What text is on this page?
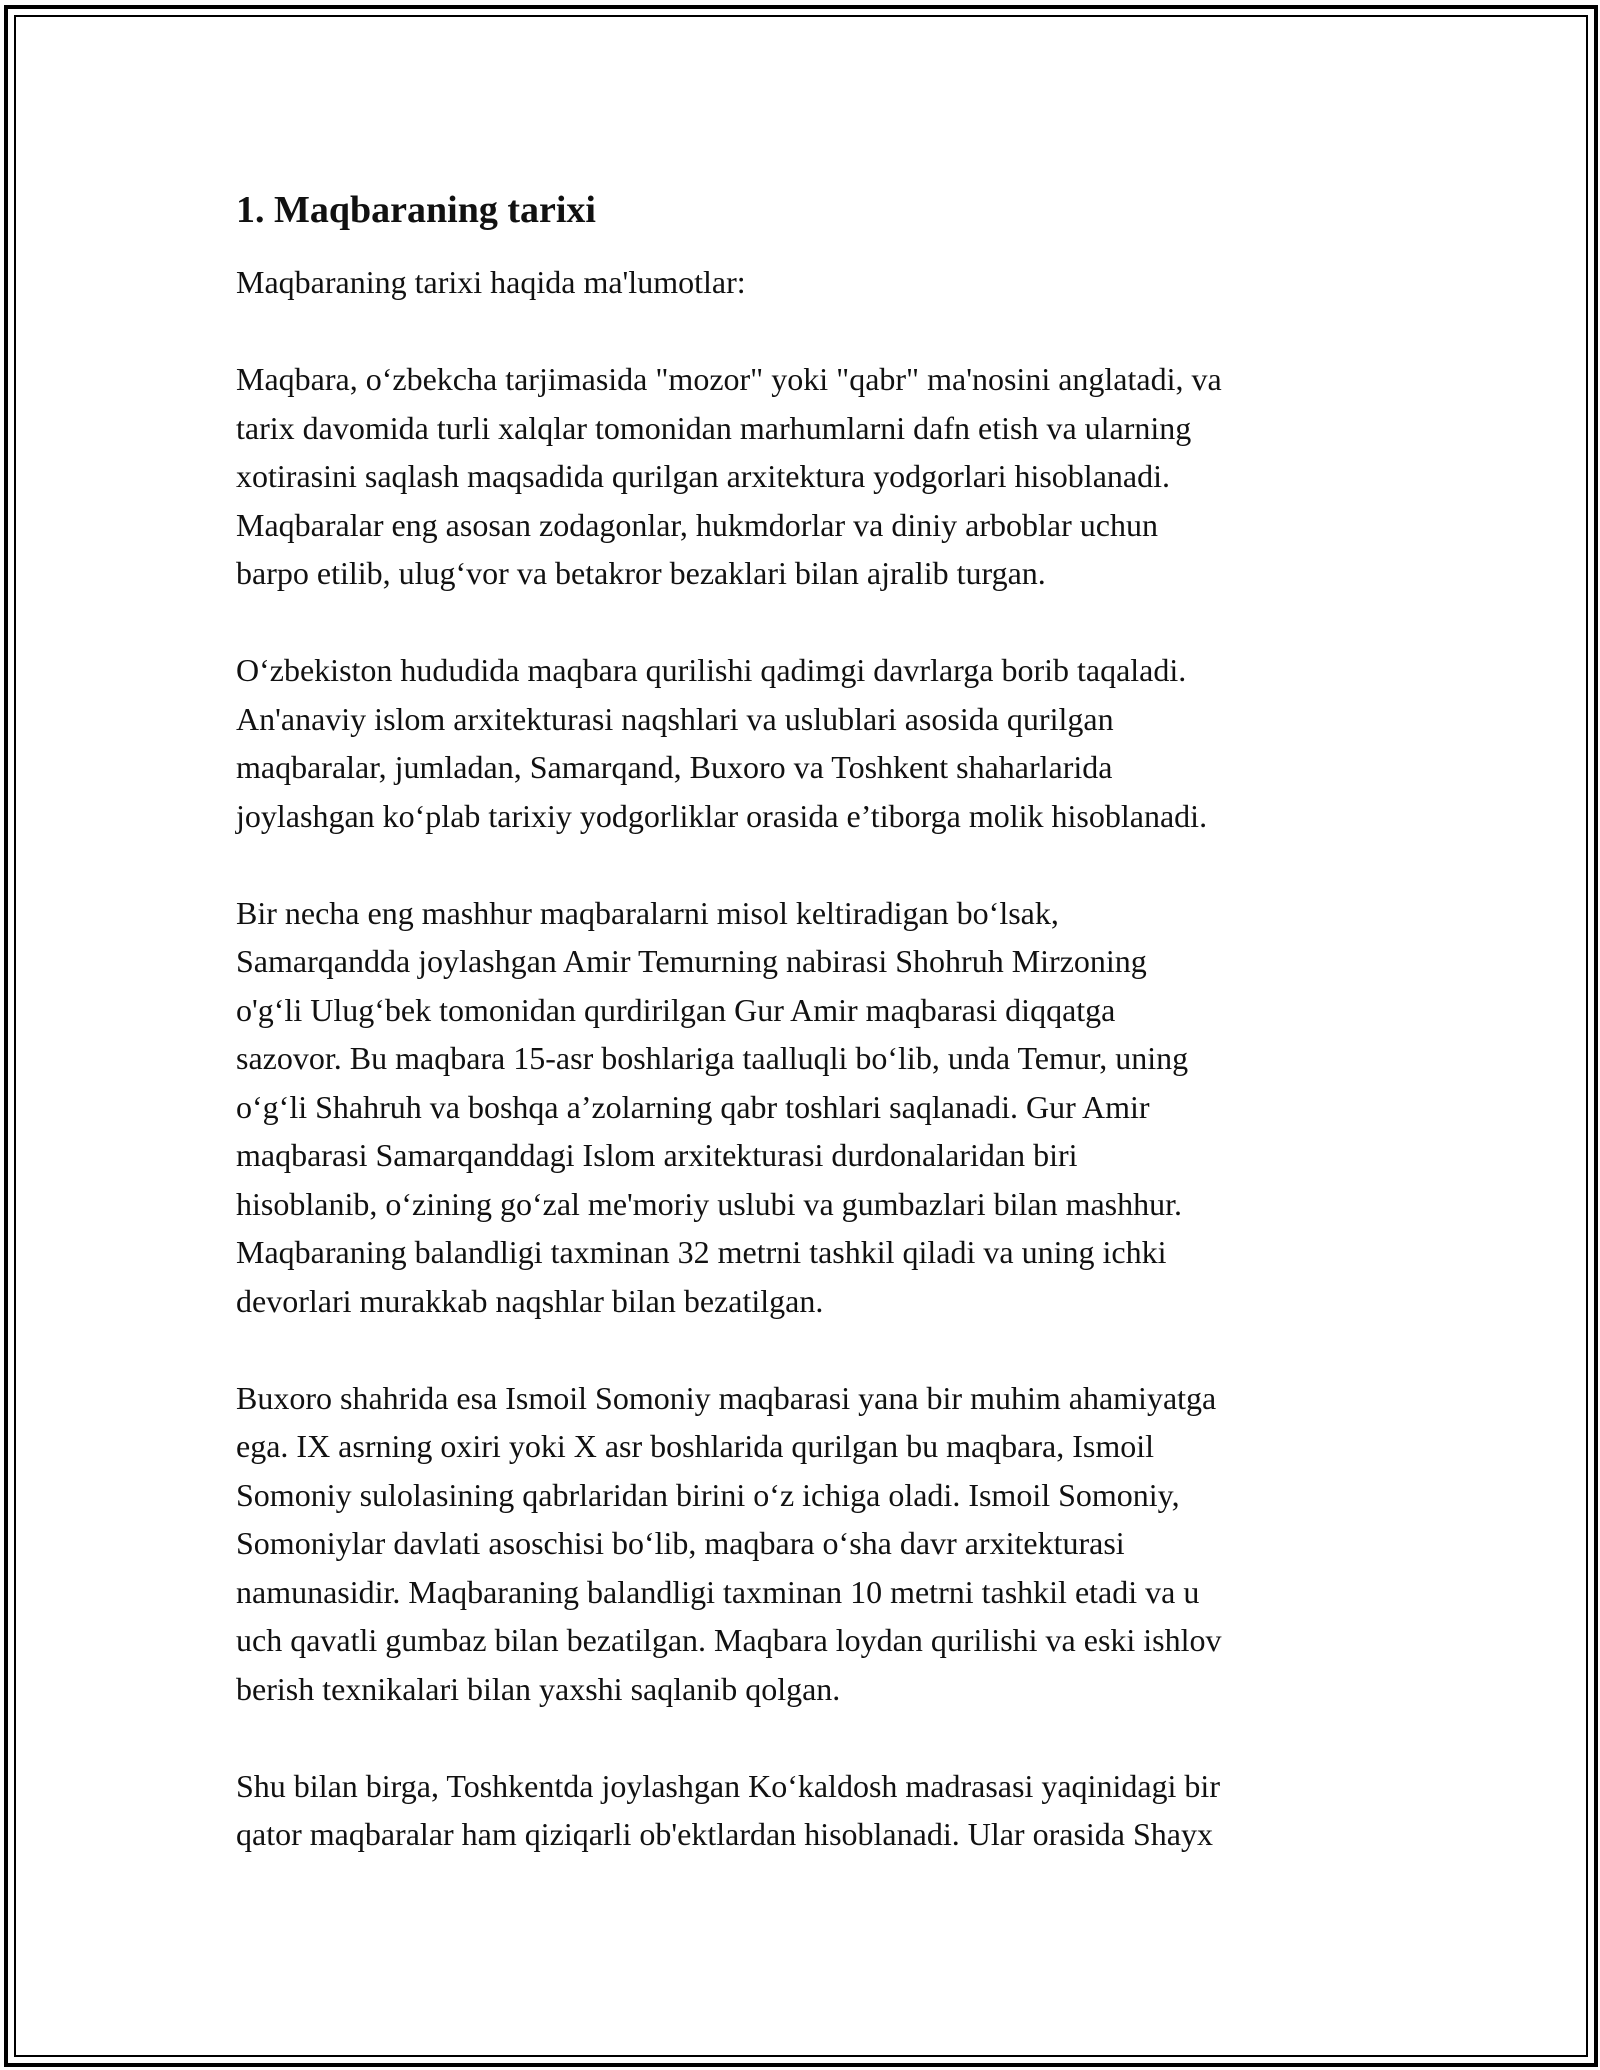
1. Maqbaraning tarixi

Maqbaraning tarixi haqida ma'lumotlar:

Maqbara, o‘zbekcha tarjimasida "mozor" yoki "qabr" ma'nosini anglatadi, va
tarix davomida turli xalqlar tomonidan marhumlarni dafn etish va ularning
xotirasini saqlash maqsadida qurilgan arxitektura yodgorlari hisoblanadi.
Maqbaralar eng asosan zodagonlar, hukmdorlar va diniy arboblar uchun
barpo etilib, ulug‘vor va betakror bezaklari bilan ajralib turgan.

O‘zbekiston hududida maqbara qurilishi qadimgi davrlarga borib taqaladi.
An'anaviy islom arxitekturasi naqshlari va uslublari asosida qurilgan
maqbaralar, jumladan, Samarqand, Buxoro va Toshkent shaharlarida
joylashgan ko‘plab tarixiy yodgorliklar orasida e’tiborga molik hisoblanadi.

Bir necha eng mashhur maqbaralarni misol keltiradigan bo‘lsak,
Samarqandda joylashgan Amir Temurning nabirasi Shohruh Mirzoning
o'g‘li Ulug‘bek tomonidan qurdirilgan Gur Amir maqbarasi diqqatga
sazovor. Bu maqbara 15-asr boshlariga taalluqli bo‘lib, unda Temur, uning
o‘g‘li Shahruh va boshqa a’zolarning qabr toshlari saqlanadi. Gur Amir
maqbarasi Samarqanddagi Islom arxitekturasi durdonalaridan biri
hisoblanib, o‘zining go‘zal me'moriy uslubi va gumbazlari bilan mashhur.
Maqbaraning balandligi taxminan 32 metrni tashkil qiladi va uning ichki
devorlari murakkab naqshlar bilan bezatilgan.

Buxoro shahrida esa Ismoil Somoniy maqbarasi yana bir muhim ahamiyatga
ega. IX asrning oxiri yoki X asr boshlarida qurilgan bu maqbara, Ismoil
Somoniy sulolasining qabrlaridan birini o‘z ichiga oladi. Ismoil Somoniy,
Somoniylar davlati asoschisi bo‘lib, maqbara o‘sha davr arxitekturasi
namunasidir. Maqbaraning balandligi taxminan 10 metrni tashkil etadi va u
uch qavatli gumbaz bilan bezatilgan. Maqbara loydan qurilishi va eski ishlov
berish texnikalari bilan yaxshi saqlanib qolgan.

Shu bilan birga, Toshkentda joylashgan Ko‘kaldosh madrasasi yaqinidagi bir
qator maqbaralar ham qiziqarli ob'ektlardan hisoblanadi. Ular orasida Shayx
